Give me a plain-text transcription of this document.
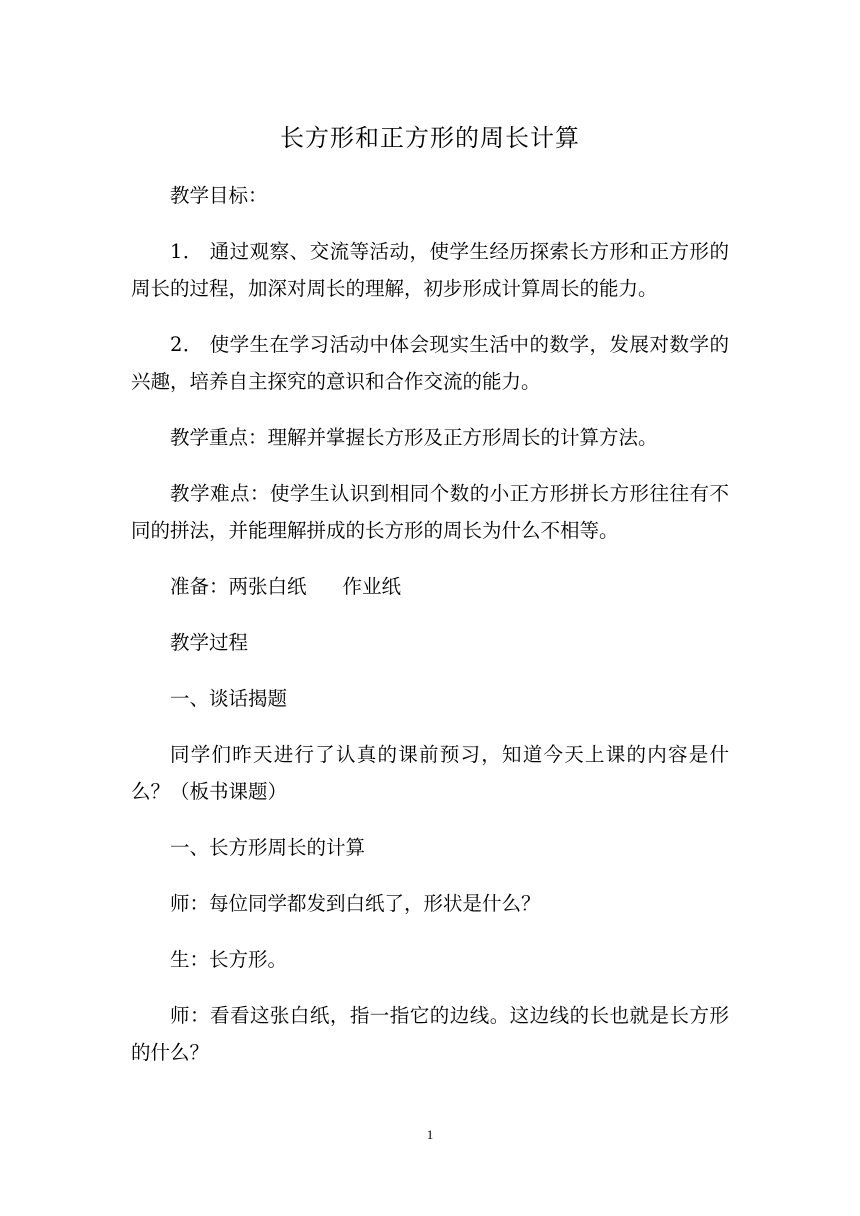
长方形和正方形的周长计算

教学目标：

1． 通过观察、交流等活动，使学生经历探索长方形和正方形的周长的过程，加深对周长的理解，初步形成计算周长的能力。

2． 使学生在学习活动中体会现实生活中的数学，发展对数学的兴趣，培养自主探究的意识和合作交流的能力。

教学重点：理解并掌握长方形及正方形周长的计算方法。

教学难点：使学生认识到相同个数的小正方形拼长方形往往有不同的拼法，并能理解拼成的长方形的周长为什么不相等。

准备：两张白纸 作业纸

教学过程

一、谈话揭题

同学们昨天进行了认真的课前预习，知道今天上课的内容是什么？（板书课题）

一、长方形周长的计算

师：每位同学都发到白纸了，形状是什么？

生：长方形。

师：看看这张白纸，指一指它的边线。这边线的长也就是长方形的什么？

1
